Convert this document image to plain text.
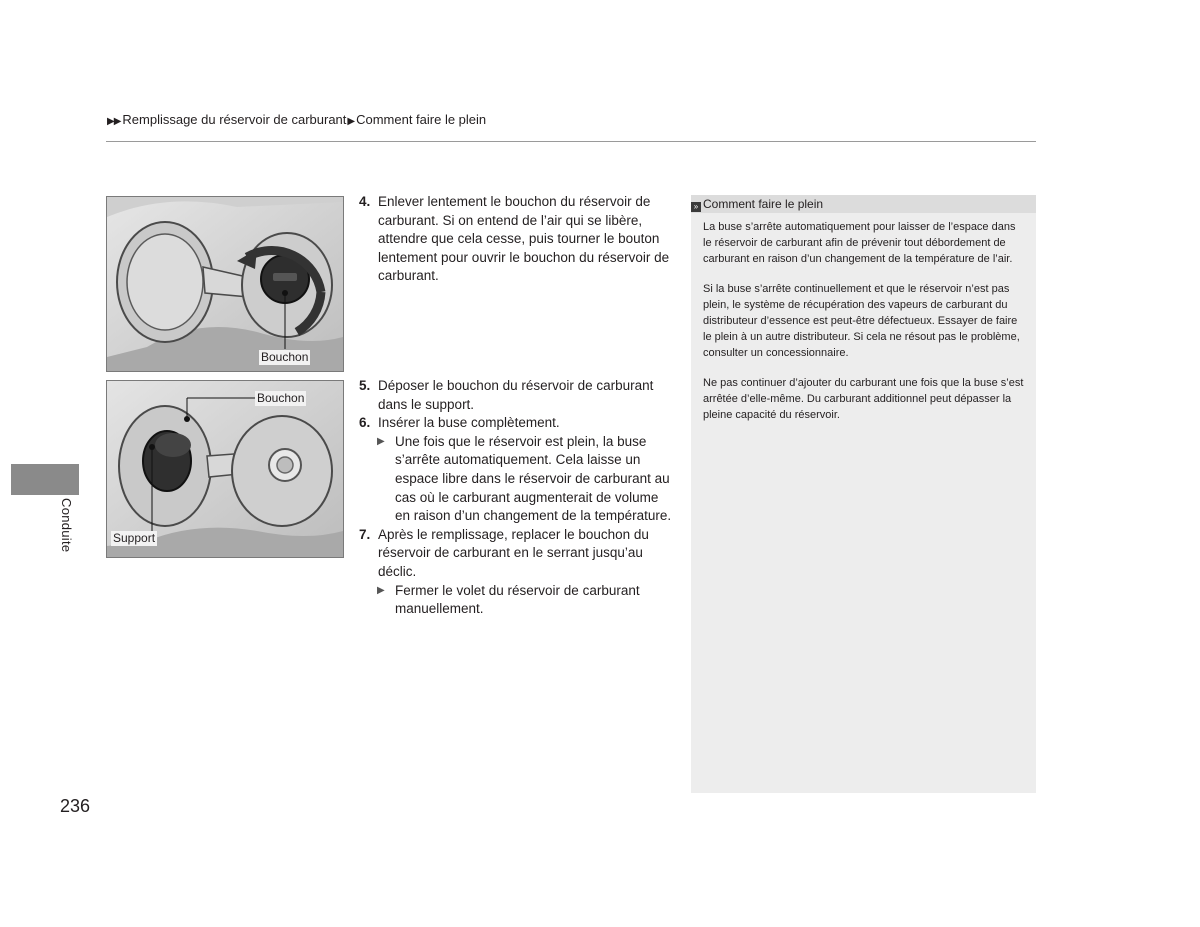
▶▶ Remplissage du réservoir de carburant▶ Comment faire le plein
Conduite
Bouchon
Bouchon
Support

4. Enlever lentement le bouchon du réservoir de carburant. Si on entend de l’air qui se libère, attendre que cela cesse, puis tourner le bouton lentement pour ouvrir le bouchon du réservoir de carburant.

5. Déposer le bouchon du réservoir de carburant dans le support.

6. Insérer la buse complètement.

▶ Une fois que le réservoir est plein, la buse s’arrête automatiquement. Cela laisse un espace libre dans le réservoir de carburant au cas où le carburant augmenterait de volume en raison d’un changement de la température.

7. Après le remplissage, replacer le bouchon du réservoir de carburant en le serrant jusqu’au déclic.

▶ Fermer le volet du réservoir de carburant manuellement.

» Comment faire le plein

La buse s’arrête automatiquement pour laisser de l’espace dans le réservoir de carburant afin de prévenir tout débordement de carburant en raison d’un changement de la température de l’air.

Si la buse s’arrête continuellement et que le réservoir n’est pas plein, le système de récupération des vapeurs de carburant du distributeur d’essence est peut-être défectueux. Essayer de faire le plein à un autre distributeur. Si cela ne résout pas le problème, consulter un concessionnaire.

Ne pas continuer d’ajouter du carburant une fois que la buse s’est arrêtée d’elle-même. Du carburant additionnel peut dépasser la pleine capacité du réservoir.

236
